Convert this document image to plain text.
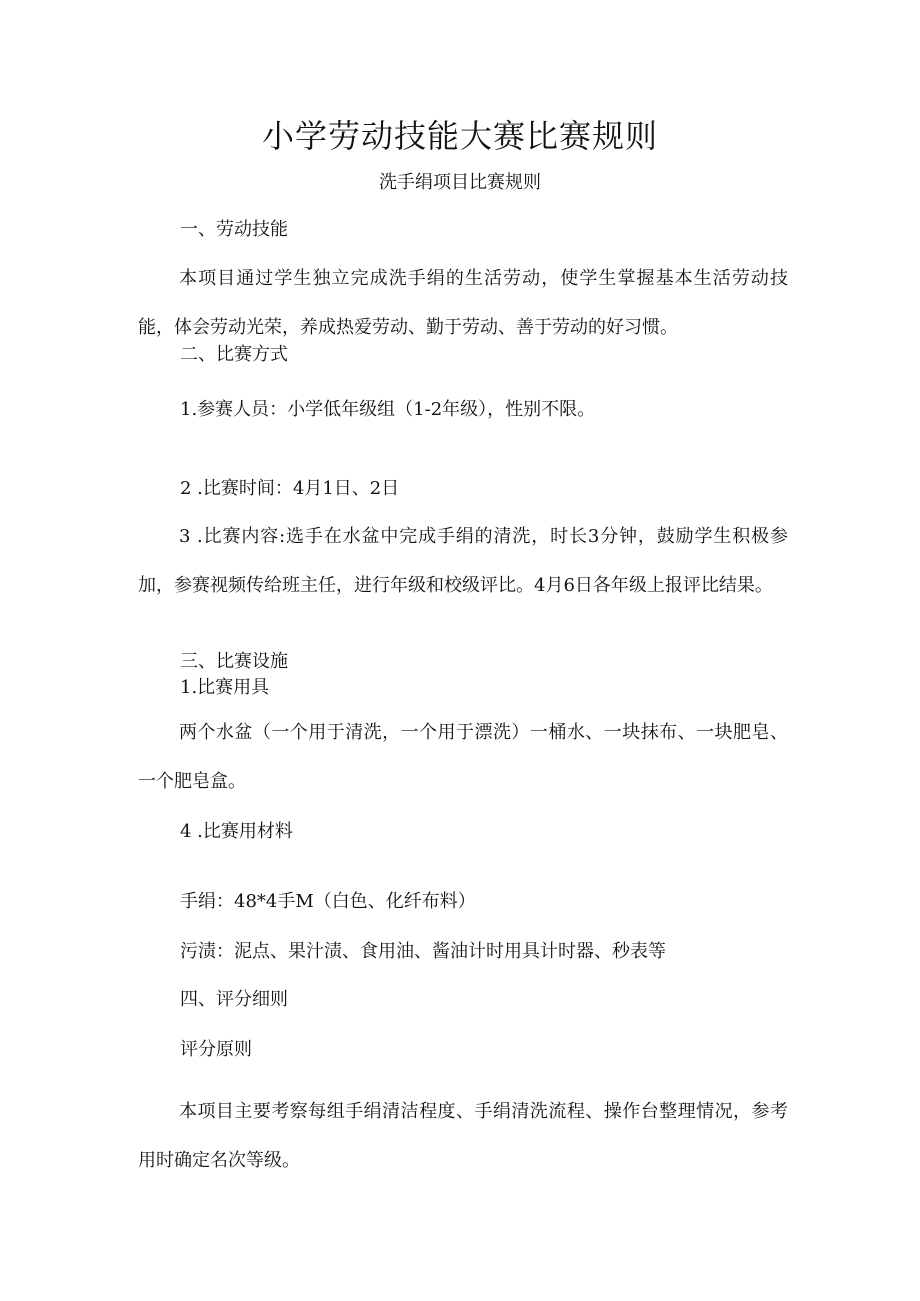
小学劳动技能大赛比赛规则
洗手绢项目比赛规则
一、劳动技能
本项目通过学生独立完成洗手绢的生活劳动，使学生掌握基本生活劳动技能，体会劳动光荣，养成热爱劳动、勤于劳动、善于劳动的好习惯。
二、比赛方式
1.参赛人员：小学低年级组（1-2年级），性别不限。
2 .比赛时间：4月1日、2日
3 .比赛内容:选手在水盆中完成手绢的清洗，时长3分钟，鼓励学生积极参加，参赛视频传给班主任，进行年级和校级评比。4月6日各年级上报评比结果。
三、比赛设施
1.比赛用具
两个水盆（一个用于清洗，一个用于漂洗）一桶水、一块抹布、一块肥皂、一个肥皂盒。
4 .比赛用材料
手绢：48*4手M（白色、化纤布料）
污渍：泥点、果汁渍、食用油、酱油计时用具计时器、秒表等
四、评分细则
评分原则
本项目主要考察每组手绢清洁程度、手绢清洗流程、操作台整理情况，参考用时确定名次等级。
